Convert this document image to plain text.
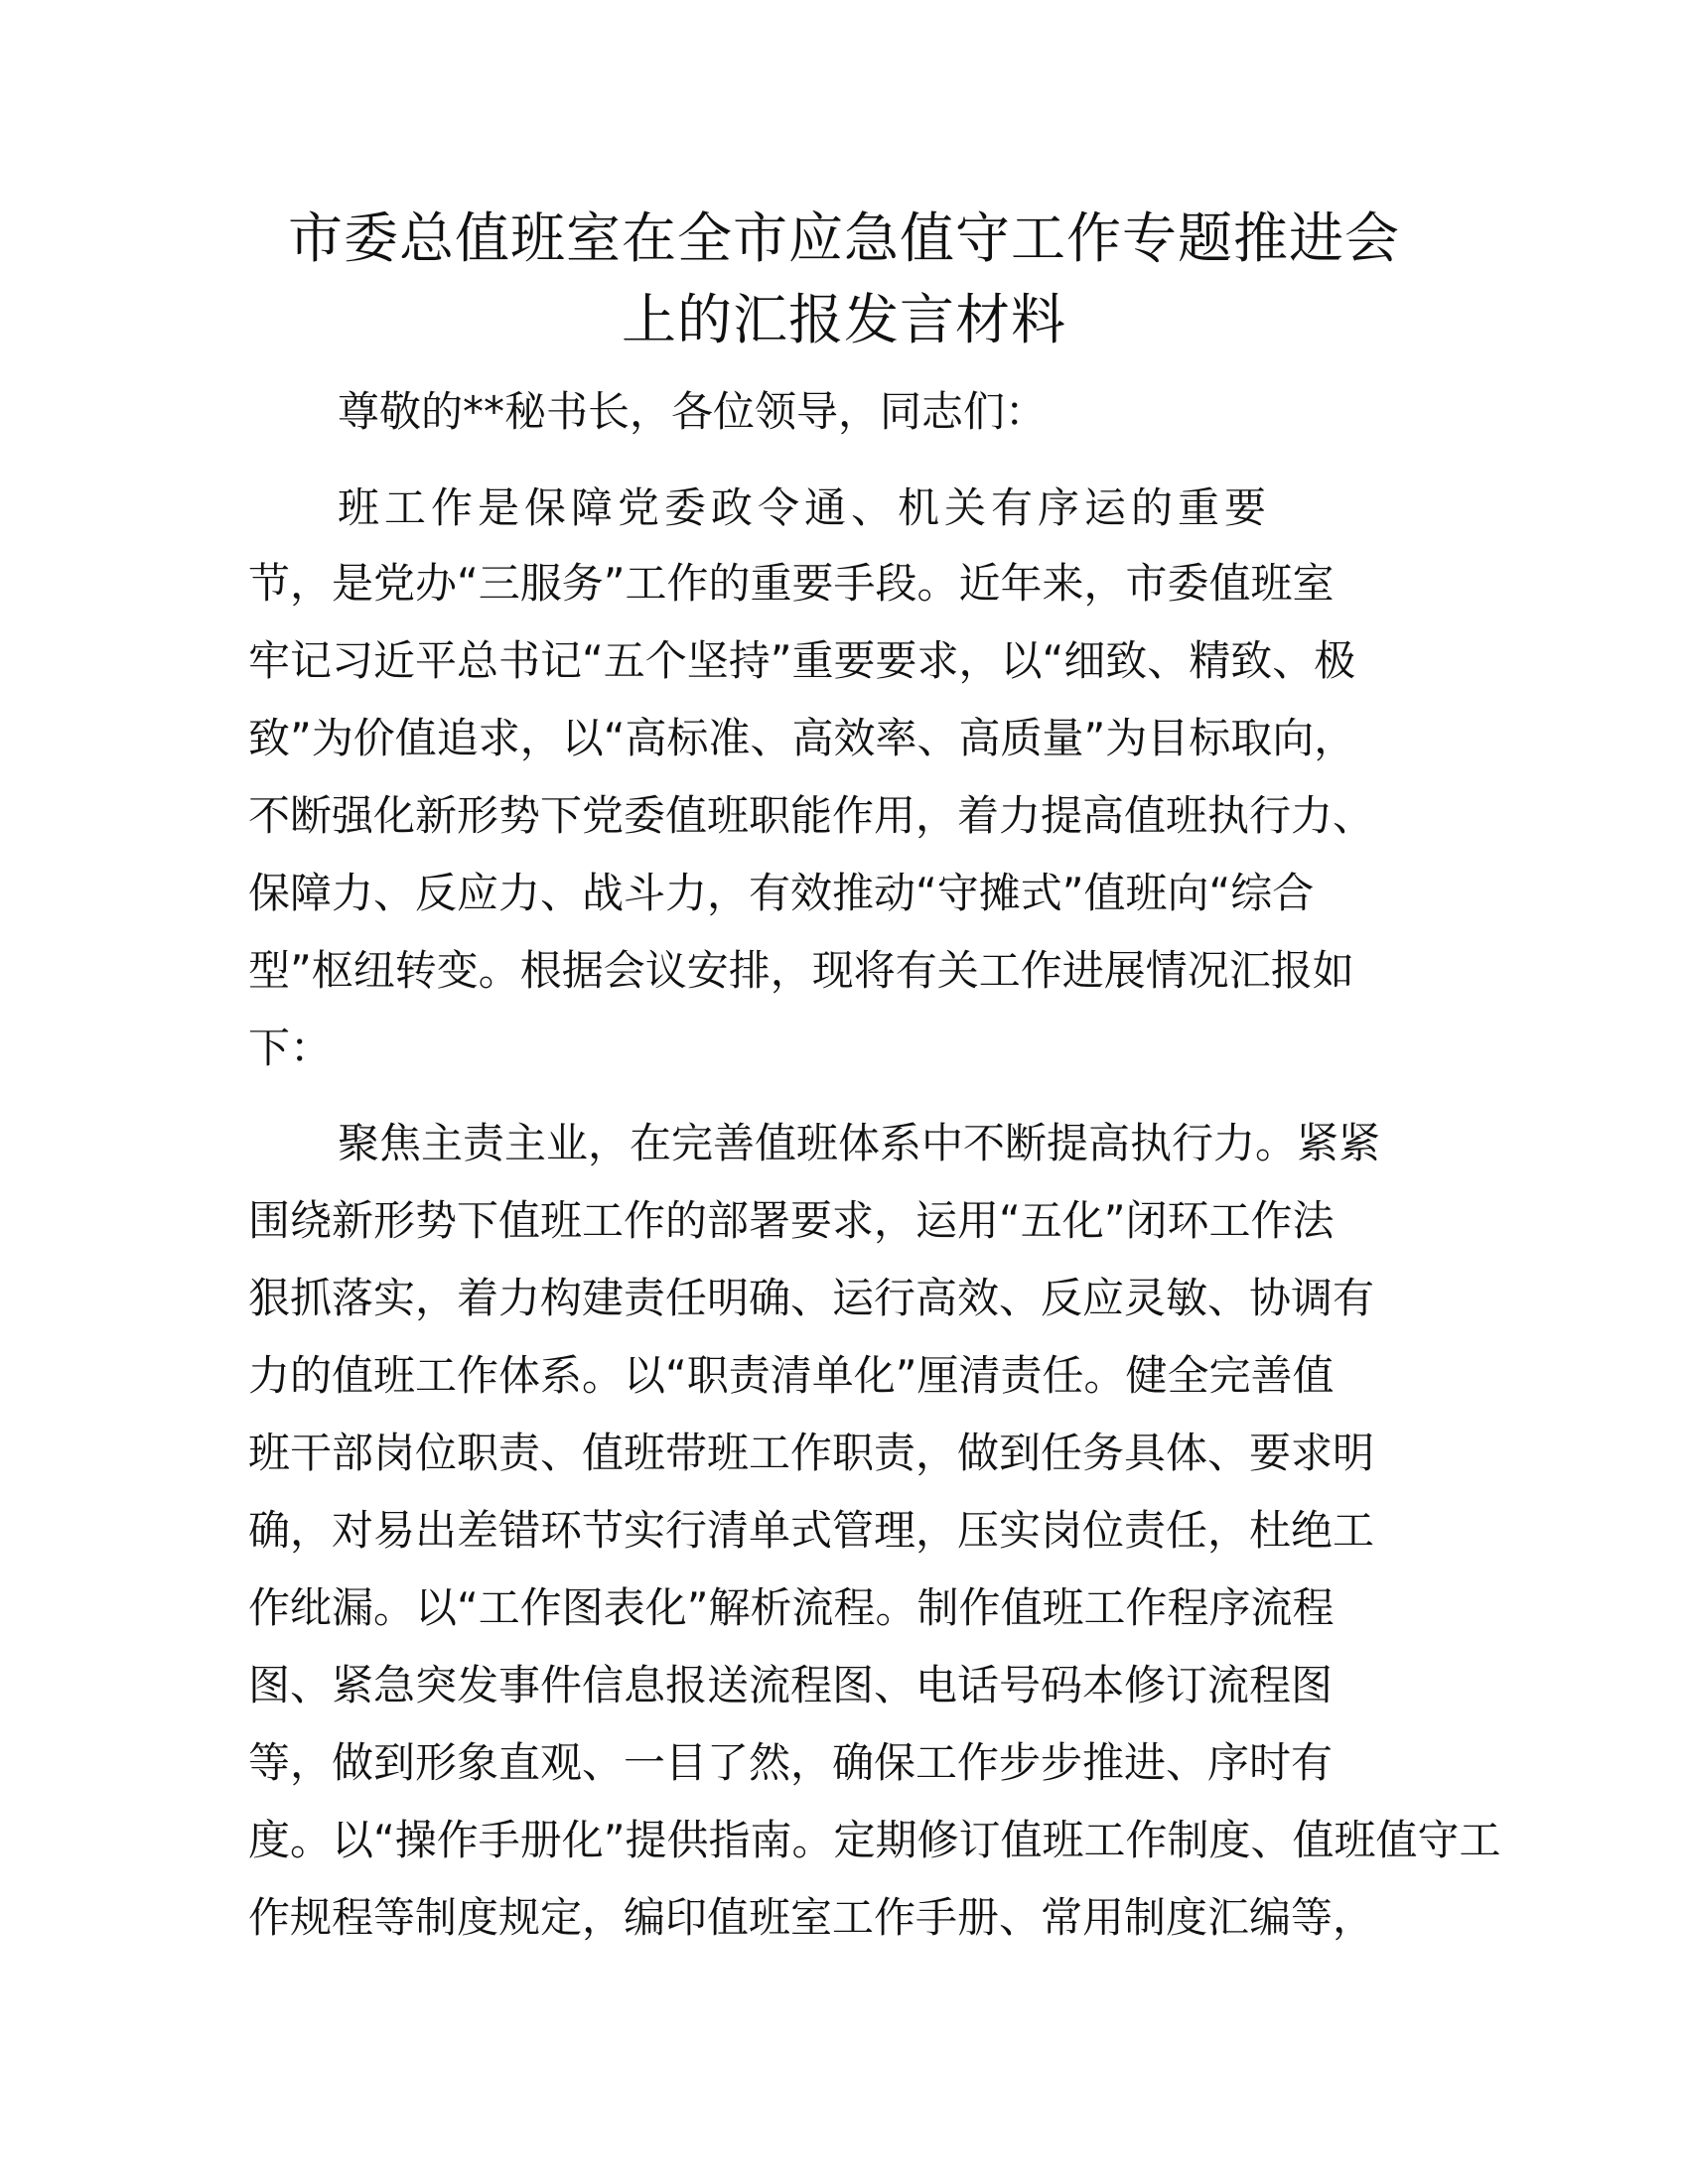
市委总值班室在全市应急值守工作专题推进会
上的汇报发言材料
尊敬的**秘书长，各位领导，同志们：
班工作是保障党委政令通、机关有序运的重要
节，是党办“三服务”工作的重要手段。近年来，市委值班室
牢记习近平总书记“五个坚持”重要要求，以“细致、精致、极
致”为价值追求，以“高标准、高效率、高质量”为目标取向，
不断强化新形势下党委值班职能作用，着力提高值班执行力、
保障力、反应力、战斗力，有效推动“守摊式”值班向“综合
型”枢纽转变。根据会议安排，现将有关工作进展情况汇报如
下：
聚焦主责主业，在完善值班体系中不断提高执行力。紧紧
围绕新形势下值班工作的部署要求，运用“五化”闭环工作法
狠抓落实，着力构建责任明确、运行高效、反应灵敏、协调有
力的值班工作体系。以“职责清单化”厘清责任。健全完善值
班干部岗位职责、值班带班工作职责，做到任务具体、要求明
确，对易出差错环节实行清单式管理，压实岗位责任，杜绝工
作纰漏。以“工作图表化”解析流程。制作值班工作程序流程
图、紧急突发事件信息报送流程图、电话号码本修订流程图
等，做到形象直观、一目了然，确保工作步步推进、序时有
度。以“操作手册化”提供指南。定期修订值班工作制度、值班值守工
作规程等制度规定，编印值班室工作手册、常用制度汇编等，
